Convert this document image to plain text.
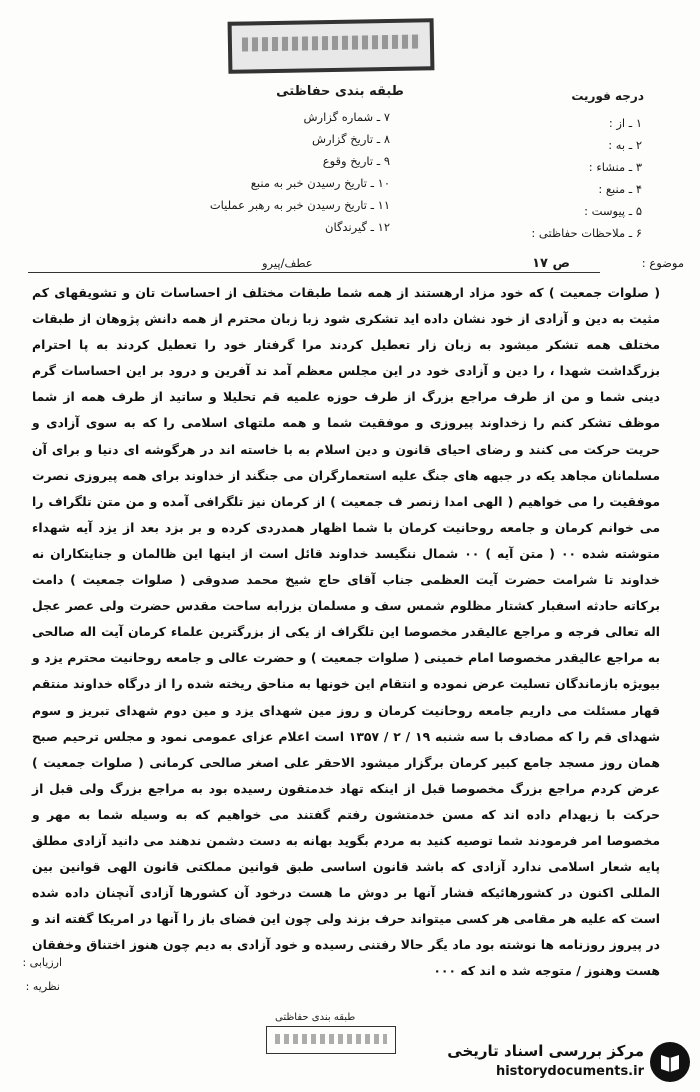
طبقه بندی حفاظتی	درجه فوریت
۷ ـ شماره گزارش
۸ ـ تاریخ گزارش
۹ ـ تاریخ وقوع
۱۰ ـ تاریخ رسیدن خبر به منبع
۱۱ ـ تاریخ رسیدن خبر به رهبر عملیات
۱۲ ـ گیرندگان
۱ ـ از :
۲ ـ به :
۳ ـ منشاء :
۴ ـ منبع :
۵ ـ پیوست :
۶ ـ ملاحظات حفاظتی :
موضوع :
ص ۱۷
عطف/پیرو
( صلوات جمعیت ) که خود مزاد ارهستند از همه شما طبقات مختلف از احساسات تان و تشویقهای کم مثیت به دین و آزادی از خود نشان داده اید تشکری شود زبا زبان محترم از همه دانش پژوهان از طبقات مختلف همه تشکر میشود به زبان زار تعطیل کردند مرا گرفتار خود را تعطیل کردند به پا احترام بزرگداشت شهدا ، را دین و آزادی خود در این مجلس معظم آمد ند آفرین و درود بر این احساسات گرم دینی شما و من از طرف مراجع بزرگ از طرف حوزه علمیه قم تحلیلا و ساتید از طرف همه از شما موظف تشکر کنم را زخداوند پیروزی و موفقیت شما و همه ملتهای اسلامی را که به سوی آزادی و حریت حرکت می کنند و رضای احیای قانون و دین اسلام به با خاسته اند در هرگوشه ای دنیا و برای آن مسلمانان مجاهد یکه در جبهه های جنگ علیه استعمارگران می جنگند از خداوند برای همه پیروزی نصرت موفقیت را می خواهیم ( الهی امدا زنصر ف جمعیت ) از کرمان نیز تلگرافی آمده و من متن تلگراف را می خوانم کرمان و جامعه روحانیت کرمان با شما اظهار همدردی کرده و بر بزد بعد از یزد آیه شهداء متوشته شده ۰۰ ( متن آیه ) ۰۰ شمال ننگیسد خداوند قائل است از اینها این ظالمان و جنایتکاران نه خداوند تا شرامت حضرت آیت العظمی جناب آقای حاج شیخ محمد صدوقی ( صلوات جمعیت ) دامت برکاته حادثه اسفبار کشتار مظلوم شمس سف و مسلمان بزرابه ساحت مقدس حضرت ولی عصر عجل اله تعالی فرجه و مراجع عالیقدر مخصوصا این تلگراف از یکی از بزرگترین علماء کرمان آیت اله صالحی به مراجع عالیقدر مخصوصا امام خمینی ( صلوات جمعیت ) و حضرت عالی و جامعه روحانیت محترم یزد و بیویژه بازماندگان تسلیت عرض نموده و انتقام این خونها به مناحق ریخته شده را از درگاه خداوند منتقم قهار مسئلت می داریم جامعه روحانیت کرمان و روز مین شهدای یزد و مین دوم شهدای تبریز و سوم شهدای قم را که مصادف با سه شنبه ۱۹ / ۲ / ۱۳۵۷ است اعلام عزای عمومی نمود و مجلس ترحیم صبح همان روز مسجد جامع کبیر کرمان برگزار میشود الاحقر علی اصغر صالحی کرمانی ( صلوات جمعیت ) عرض کردم مراجع بزرگ مخصوصا قبل از اینکه تهاد خدمتقون رسیده بود به مراجع بزرگ ولی قبل از حرکت با زیهدام داده اند که مسن خدمتشون رفتم گفتند می خواهیم که به وسیله شما به مهر و مخصوصا امر فرمودند شما توصیه کنید به مردم بگوید بهانه به دست دشمن ندهند می دانید آزادی مطلق پایه شعار اسلامی ندارد آزادی که باشد قانون اساسی طبق قوانین مملکتی قانون الهی قوانین بین المللی اکنون در کشورهائیکه فشار آنها بر دوش ما هست درخود آن کشورها آزادی آنچنان داده شده است که علیه هر مقامی هر کسی میتواند حرف بزند ولی چون این فضای باز را آنها در امریکا گفته اند و در پیروز روزنامه ها نوشته بود ماد یگر حالا رفتنی رسیده و خود آزادی به دیم چون هنوز اختناق وخفقان هست وهنوز / متوجه شد ه اند که ۰۰۰
ارزیابی :
نظریه :
طبقه بندی حفاظتی
مرکز بررسی اسناد تاریخی
historydocuments.ir
